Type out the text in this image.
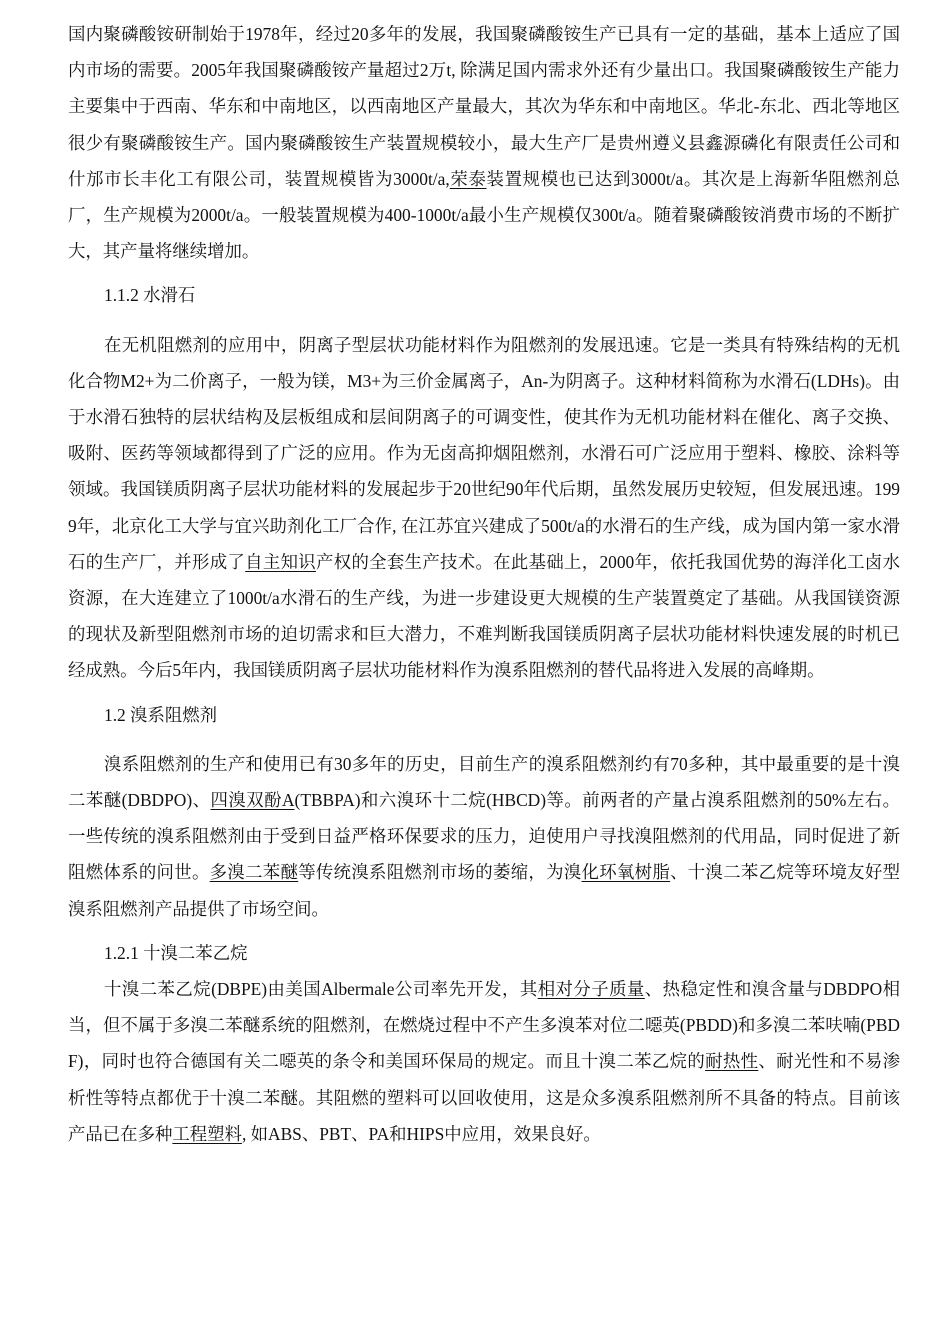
国内聚磷酸铵研制始于1978年，经过20多年的发展，我国聚磷酸铵生产已具有一定的基础，基本上适应了国内市场的需要。2005年我国聚磷酸铵产量超过2万t, 除满足国内需求外还有少量出口。我国聚磷酸铵生产能力主要集中于西南、华东和中南地区，以西南地区产量最大，其次为华东和中南地区。华北-东北、西北等地区很少有聚磷酸铵生产。国内聚磷酸铵生产装置规模较小，最大生产厂是贵州遵义县鑫源磷化有限责任公司和什邡市长丰化工有限公司，装置规模皆为3000t/a,荣泰装置规模也已达到3000t/a。其次是上海新华阻燃剂总厂，生产规模为2000t/a。一般装置规模为400-1000t/a最小生产规模仅300t/a。随着聚磷酸铵消费市场的不断扩大，其产量将继续增加。

1.1.2 水滑石

在无机阻燃剂的应用中，阴离子型层状功能材料作为阻燃剂的发展迅速。它是一类具有特殊结构的无机化合物M2+为二价离子，一般为镁，M3+为三价金属离子，An-为阴离子。这种材料简称为水滑石(LDHs)。由于水滑石独特的层状结构及层板组成和层间阴离子的可调变性，使其作为无机功能材料在催化、离子交换、吸附、医药等领域都得到了广泛的应用。作为无卤高抑烟阻燃剂，水滑石可广泛应用于塑料、橡胶、涂料等领域。我国镁质阴离子层状功能材料的发展起步于20世纪90年代后期，虽然发展历史较短，但发展迅速。1999年，北京化工大学与宜兴助剂化工厂合作, 在江苏宜兴建成了500t/a的水滑石的生产线，成为国内第一家水滑石的生产厂，并形成了自主知识产权的全套生产技术。在此基础上，2000年，依托我国优势的海洋化工卤水资源，在大连建立了1000t/a水滑石的生产线，为进一步建设更大规模的生产装置奠定了基础。从我国镁资源的现状及新型阻燃剂市场的迫切需求和巨大潜力，不难判断我国镁质阴离子层状功能材料快速发展的时机已经成熟。今后5年内，我国镁质阴离子层状功能材料作为溴系阻燃剂的替代品将进入发展的高峰期。

1.2 溴系阻燃剂

溴系阻燃剂的生产和使用已有30多年的历史，目前生产的溴系阻燃剂约有70多种，其中最重要的是十溴二苯醚(DBDPO)、四溴双酚A(TBBPA)和六溴环十二烷(HBCD)等。前两者的产量占溴系阻燃剂的50%左右。一些传统的溴系阻燃剂由于受到日益严格环保要求的压力，迫使用户寻找溴阻燃剂的代用品，同时促进了新阻燃体系的问世。多溴二苯醚等传统溴系阻燃剂市场的萎缩，为溴化环氧树脂、十溴二苯乙烷等环境友好型溴系阻燃剂产品提供了市场空间。

1.2.1 十溴二苯乙烷

十溴二苯乙烷(DBPE)由美国Albermale公司率先开发，其相对分子质量、热稳定性和溴含量与DBDPO相当，但不属于多溴二苯醚系统的阻燃剂，在燃烧过程中不产生多溴苯对位二噁英(PBDD)和多溴二苯呋喃(PBDF)，同时也符合德国有关二噁英的条令和美国环保局的规定。而且十溴二苯乙烷的耐热性、耐光性和不易渗析性等特点都优于十溴二苯醚。其阻燃的塑料可以回收使用，这是众多溴系阻燃剂所不具备的特点。目前该产品已在多种工程塑料, 如ABS、PBT、PA和HIPS中应用，效果良好。
